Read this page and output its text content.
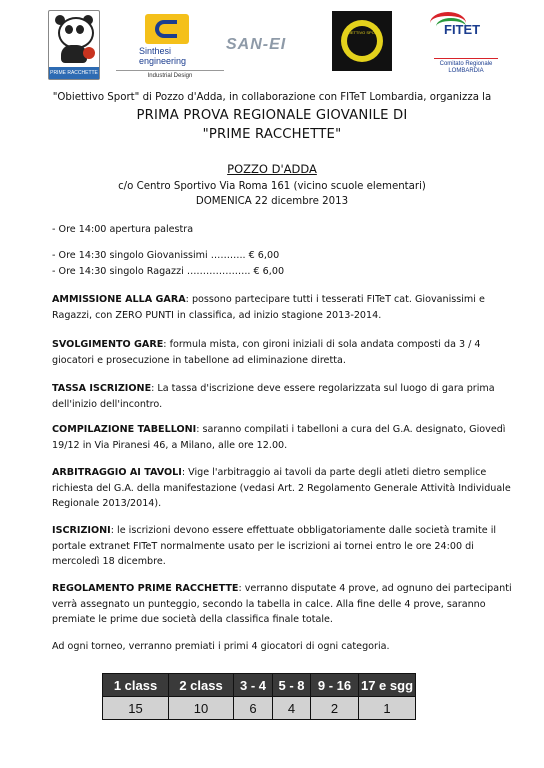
PRIME RACCHETTE
Sinthesi
engineering
Industrial Design
SAN-EI
OBIETTIVO SPORT	FITET
Comitato Regionale
LOMBARDIA
"Obiettivo Sport" di Pozzo d'Adda, in collaborazione con FITeT Lombardia, organizza la
PRIMA PROVA REGIONALE GIOVANILE DI
"PRIME RACCHETTE"
POZZO D'ADDA
c/o Centro Sportivo Via Roma 161 (vicino scuole elementari)
DOMENICA 22 dicembre 2013
- Ore 14:00 apertura palestra
- Ore 14:30 singolo Giovanissimi ……….. € 6,00
- Ore 14:30 singolo Ragazzi ……………….. € 6,00
AMMISSIONE ALLA GARA: possono partecipare tutti i tesserati FITeT cat. Giovanissimi e Ragazzi, con ZERO PUNTI in classifica, ad inizio stagione 2013-2014.
SVOLGIMENTO GARE: formula mista, con gironi iniziali di sola andata composti da 3 / 4 giocatori e prosecuzione in tabellone ad eliminazione diretta.
TASSA ISCRIZIONE: La tassa d'iscrizione deve essere regolarizzata sul luogo di gara prima dell'inizio dell'incontro.
COMPILAZIONE TABELLONI: saranno compilati i tabelloni a cura del G.A. designato, Giovedì 19/12 in Via Piranesi 46, a Milano, alle ore 12.00.
ARBITRAGGIO AI TAVOLI: Vige l'arbitraggio ai tavoli da parte degli atleti dietro semplice richiesta del G.A. della manifestazione (vedasi Art. 2 Regolamento Generale Attività Individuale Regionale 2013/2014).
ISCRIZIONI: le iscrizioni devono essere effettuate obbligatoriamente dalle società tramite il portale extranet FITeT normalmente usato per le iscrizioni ai tornei entro le ore 24:00 di mercoledì 18 dicembre.
REGOLAMENTO PRIME RACCHETTE: verranno disputate 4 prove, ad ognuno dei partecipanti verrà assegnato un punteggio, secondo la tabella in calce. Alla fine delle 4 prove, saranno premiate le prime due società della classifica finale totale.
Ad ogni torneo, verranno premiati i primi 4 giocatori di ogni categoria.
1 class	2 class	3 - 4	5 - 8	9 - 16	17 e sgg
15	10	6	4	2	1
